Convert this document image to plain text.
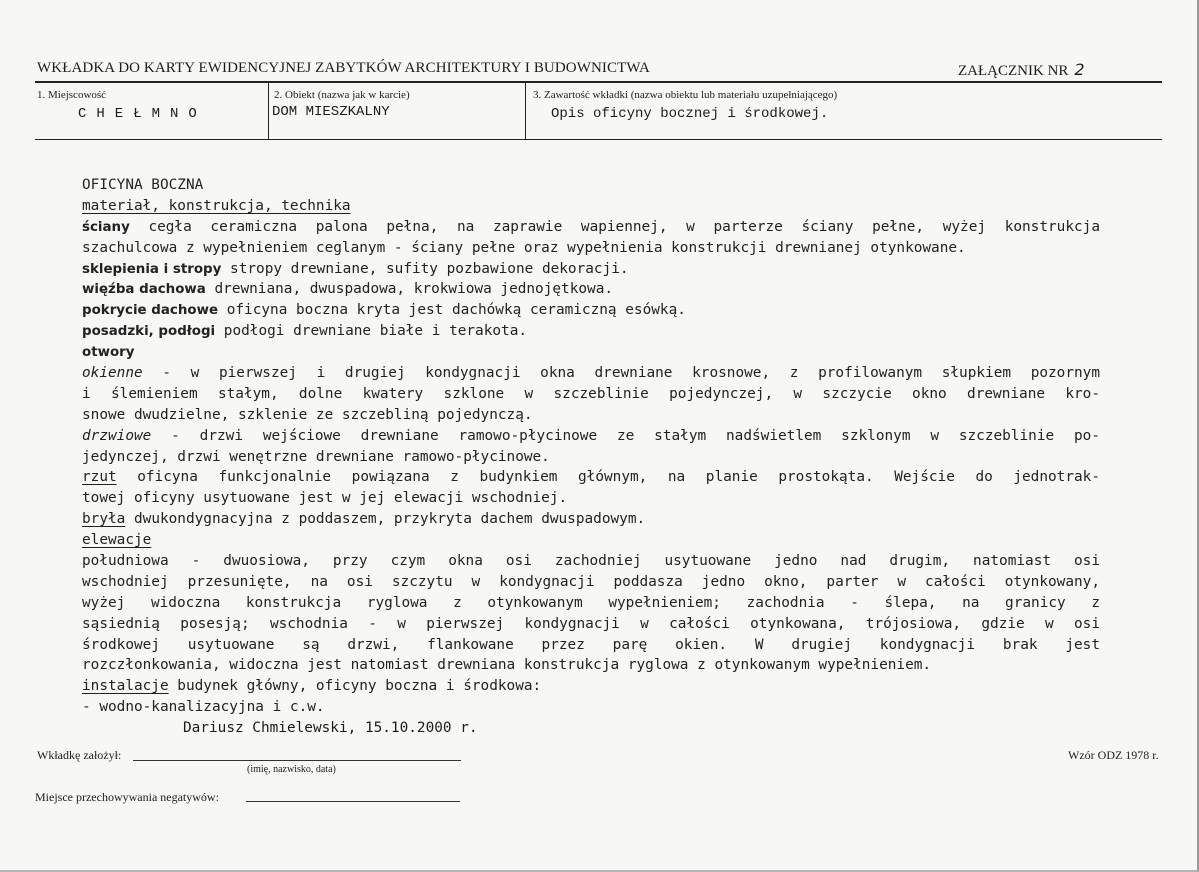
WKŁADKA DO KARTY EWIDENCYJNEJ ZABYTKÓW ARCHITEKTURY I BUDOWNICTWA	ZAŁĄCZNIK NR 2
1. Miejscowość
CHEŁMNO
2. Obiekt (nazwa jak w karcie)
DOM MIESZKALNY
3. Zawartość wkładki (nazwa obiektu lub materiału uzupełniającego)
Opis oficyny bocznej i środkowej.
OFICYNA BOCZNA
materiał, konstrukcja, technika
ściany cegła ceramiczna palona pełna, na zaprawie wapiennej, w parterze ściany pełne, wyżej konstrukcja
szachulcowa z wypełnieniem ceglanym - ściany pełne oraz wypełnienia konstrukcji drewnianej otynkowane.
sklepienia i stropy stropy drewniane, sufity pozbawione dekoracji.
więźba dachowa drewniana, dwuspadowa, krokwiowa jednojętkowa.
pokrycie dachowe oficyna boczna kryta jest dachówką ceramiczną esówką.
posadzki, podłogi podłogi drewniane białe i terakota.
otwory
okienne - w pierwszej i drugiej kondygnacji okna drewniane krosnowe, z profilowanym słupkiem pozornym
i ślemieniem stałym, dolne kwatery szklone w szczeblinie pojedynczej, w szczycie okno drewniane kro-
snowe dwudzielne, szklenie ze szczebliną pojedynczą.
drzwiowe - drzwi wejściowe drewniane ramowo-płycinowe ze stałym nadświetlem szklonym w szczeblinie po-
jedynczej, drzwi wenętrzne drewniane ramowo-płycinowe.
rzut oficyna funkcjonalnie powiązana z budynkiem głównym, na planie prostokąta. Wejście do jednotrak-
towej oficyny usytuowane jest w jej elewacji wschodniej.
bryła dwukondygnacyjna z poddaszem, przykryta dachem dwuspadowym.
elewacje
południowa - dwuosiowa, przy czym okna osi zachodniej usytuowane jedno nad drugim, natomiast osi
wschodniej przesunięte, na osi szczytu w kondygnacji poddasza jedno okno, parter w całości otynkowany,
wyżej widoczna konstrukcja ryglowa z otynkowanym wypełnieniem; zachodnia - ślepa, na granicy z
sąsiednią posesją; wschodnia - w pierwszej kondygnacji w całości otynkowana, trójosiowa, gdzie w osi
środkowej usytuowane są drzwi, flankowane przez parę okien. W drugiej kondygnacji brak jest
rozczłonkowania, widoczna jest natomiast drewniana konstrukcja ryglowa z otynkowanym wypełnieniem.
instalacje budynek główny, oficyny boczna i środkowa:
- wodno-kanalizacyjna i c.w.
Dariusz Chmielewski, 15.10.2000 r.
Wkładkę założył:
(imię, nazwisko, data)
Wzór ODZ 1978 r.
Miejsce przechowywania negatywów:
